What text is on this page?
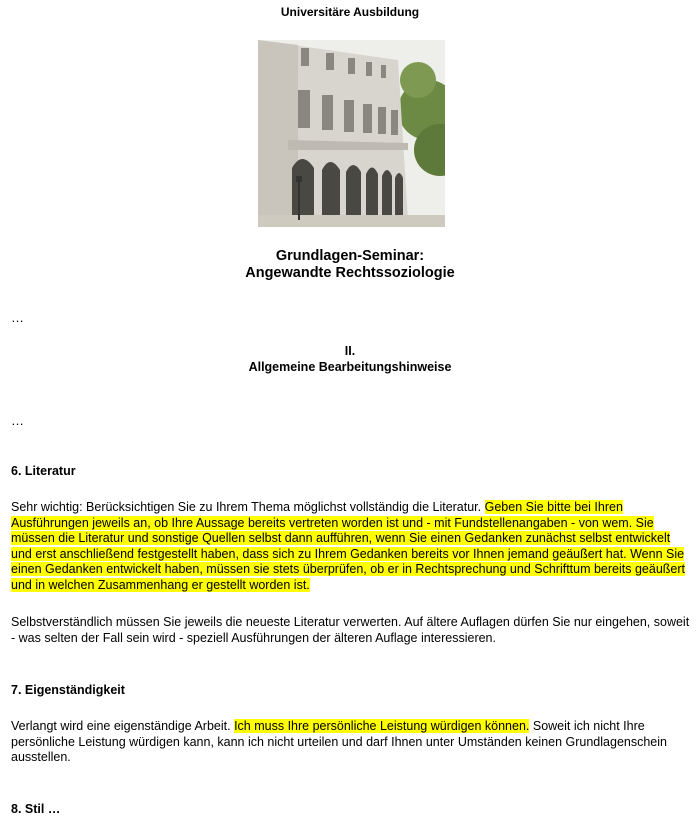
Universitäre Ausbildung
Grundlagen-Seminar:
Angewandte Rechtssoziologie
…
II.
Allgemeine Bearbeitungshinweise
…
6. Literatur
Sehr wichtig: Berücksichtigen Sie zu Ihrem Thema möglichst vollständig die Literatur. Geben Sie bitte bei Ihren Ausführungen jeweils an, ob Ihre Aussage bereits vertreten worden ist und - mit Fundstellenangaben - von wem. Sie müssen die Literatur und sonstige Quellen selbst dann aufführen, wenn Sie einen Gedanken zunächst selbst entwickelt und erst anschließend festgestellt haben, dass sich zu Ihrem Gedanken bereits vor Ihnen jemand geäußert hat. Wenn Sie einen Gedanken entwickelt haben, müssen sie stets überprüfen, ob er in Rechtsprechung und Schrifttum bereits geäußert und in welchen Zusammenhang er gestellt worden ist.
Selbstverständlich müssen Sie jeweils die neueste Literatur verwerten. Auf ältere Auflagen dürfen Sie nur eingehen, soweit - was selten der Fall sein wird - speziell Ausführungen der älteren Auflage interessieren.
7. Eigenständigkeit
Verlangt wird eine eigenständige Arbeit. Ich muss Ihre persönliche Leistung würdigen können. Soweit ich nicht Ihre persönliche Leistung würdigen kann, kann ich nicht urteilen und darf Ihnen unter Umständen keinen Grundlagenschein ausstellen.
8. Stil …
